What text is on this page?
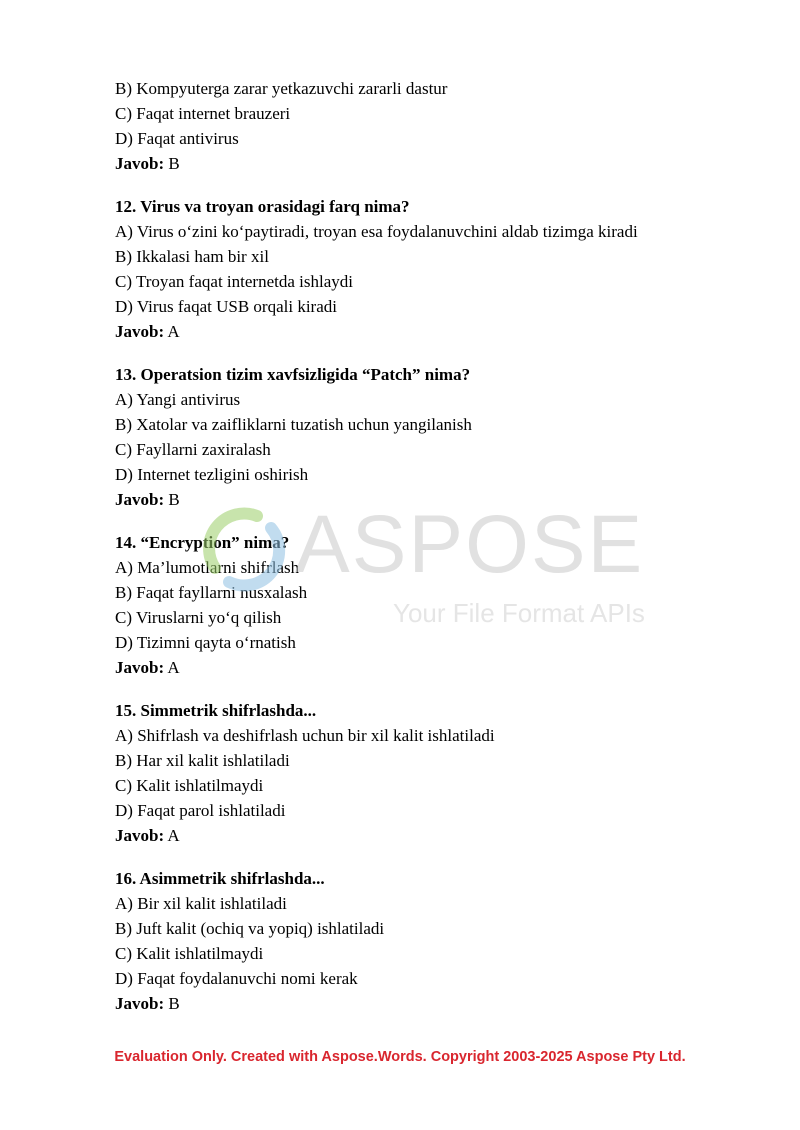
B) Kompyuterga zarar yetkazuvchi zararli dastur
C) Faqat internet brauzeri
D) Faqat antivirus
Javob: B
12. Virus va troyan orasidagi farq nima?
A) Virus o‘zini ko‘paytiradi, troyan esa foydalanuvchini aldab tizimga kiradi
B) Ikkalasi ham bir xil
C) Troyan faqat internetda ishlaydi
D) Virus faqat USB orqali kiradi
Javob: A
13. Operatsion tizim xavfsizligida “Patch” nima?
A) Yangi antivirus
B) Xatolar va zaifliklarni tuzatish uchun yangilanish
C) Fayllarni zaxiralash
D) Internet tezligini oshirish
Javob: B
14. “Encryption” nima?
A) Ma’lumotlarni shifrlash
B) Faqat fayllarni nusxalash
C) Viruslarni yo‘q qilish
D) Tizimni qayta o‘rnatish
Javob: A
15. Simmetrik shifrlashda...
A) Shifrlash va deshifrlash uchun bir xil kalit ishlatiladi
B) Har xil kalit ishlatiladi
C) Kalit ishlatilmaydi
D) Faqat parol ishlatiladi
Javob: A
16. Asimmetrik shifrlashda...
A) Bir xil kalit ishlatiladi
B) Juft kalit (ochiq va yopiq) ishlatiladi
C) Kalit ishlatilmaydi
D) Faqat foydalanuvchi nomi kerak
Javob: B
ASPOSE
Your File Format APIs
Evaluation Only. Created with Aspose.Words. Copyright 2003-2025 Aspose Pty Ltd.
